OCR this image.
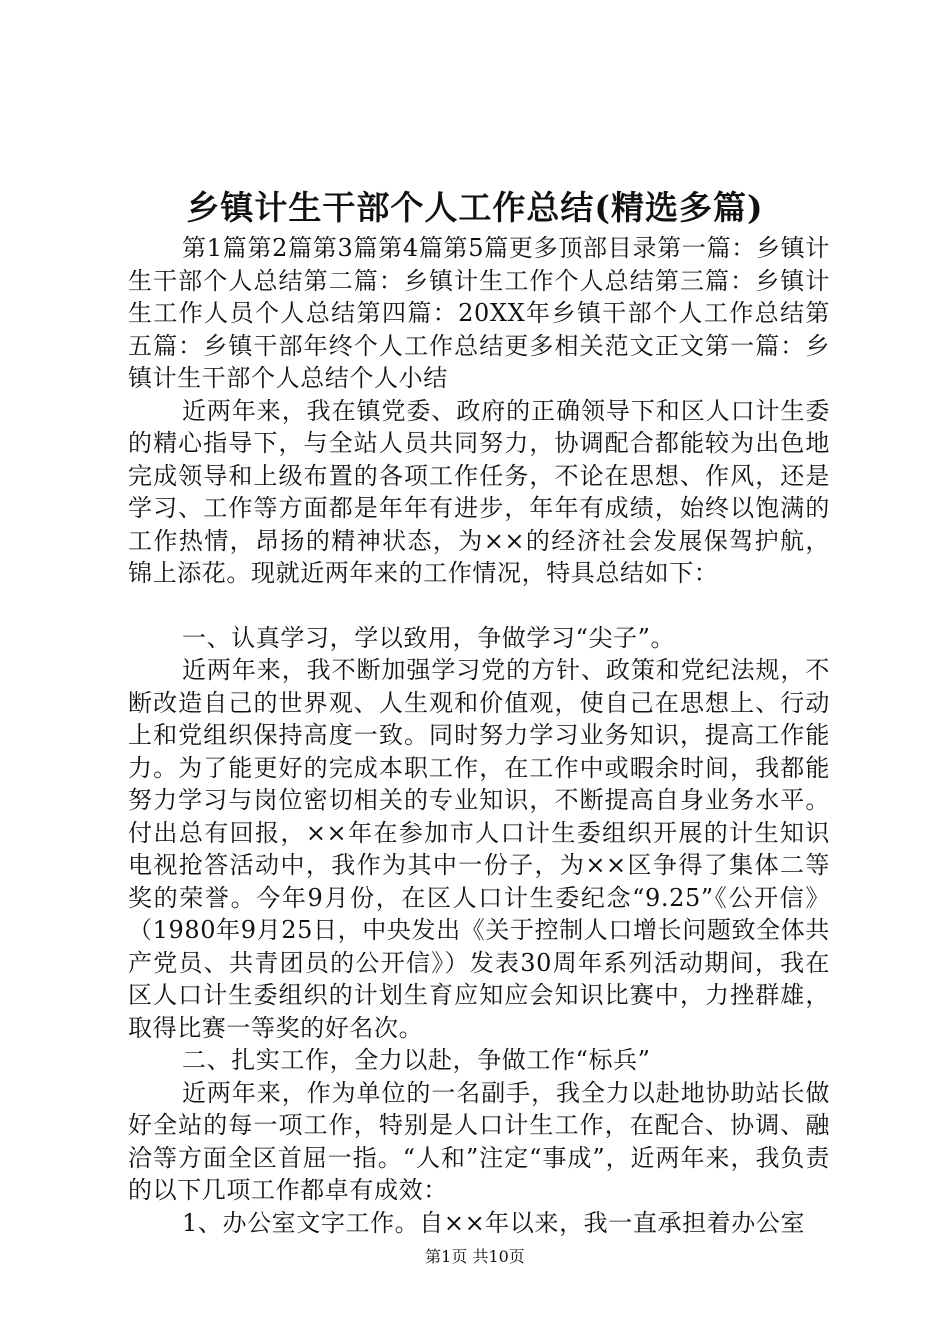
乡镇计生干部个人工作总结(精选多篇)

第1篇第2篇第3篇第4篇第5篇更多顶部目录第一篇：乡镇计生干部个人总结第二篇：乡镇计生工作个人总结第三篇：乡镇计生工作人员个人总结第四篇：20XX年乡镇干部个人工作总结第五篇：乡镇干部年终个人工作总结更多相关范文正文第一篇：乡镇计生干部个人总结个人小结

近两年来，我在镇党委、政府的正确领导下和区人口计生委的精心指导下，与全站人员共同努力，协调配合都能较为出色地完成领导和上级布置的各项工作任务，不论在思想、作风，还是学习、工作等方面都是年年有进步，年年有成绩，始终以饱满的工作热情，昂扬的精神状态，为××的经济社会发展保驾护航，锦上添花。现就近两年来的工作情况，特具总结如下：

一、认真学习，学以致用，争做学习“尖子”。

近两年来，我不断加强学习党的方针、政策和党纪法规，不断改造自己的世界观、人生观和价值观，使自己在思想上、行动上和党组织保持高度一致。同时努力学习业务知识，提高工作能力。为了能更好的完成本职工作，在工作中或暇余时间，我都能努力学习与岗位密切相关的专业知识，不断提高自身业务水平。付出总有回报，××年在参加市人口计生委组织开展的计生知识电视抢答活动中，我作为其中一份子，为××区争得了集体二等奖的荣誉。今年9月份，在区人口计生委纪念“9.25”《公开信》（1980年9月25日，中央发出《关于控制人口增长问题致全体共产党员、共青团员的公开信》）发表30周年系列活动期间，我在区人口计生委组织的计划生育应知应会知识比赛中，力挫群雄，取得比赛一等奖的好名次。

二、扎实工作，全力以赴，争做工作“标兵”

近两年来，作为单位的一名副手，我全力以赴地协助站长做好全站的每一项工作，特别是人口计生工作，在配合、协调、融洽等方面全区首屈一指。“人和”注定“事成”，近两年来，我负责的以下几项工作都卓有成效：

1、办公室文字工作。自××年以来，我一直承担着办公室

第1页 共10页
